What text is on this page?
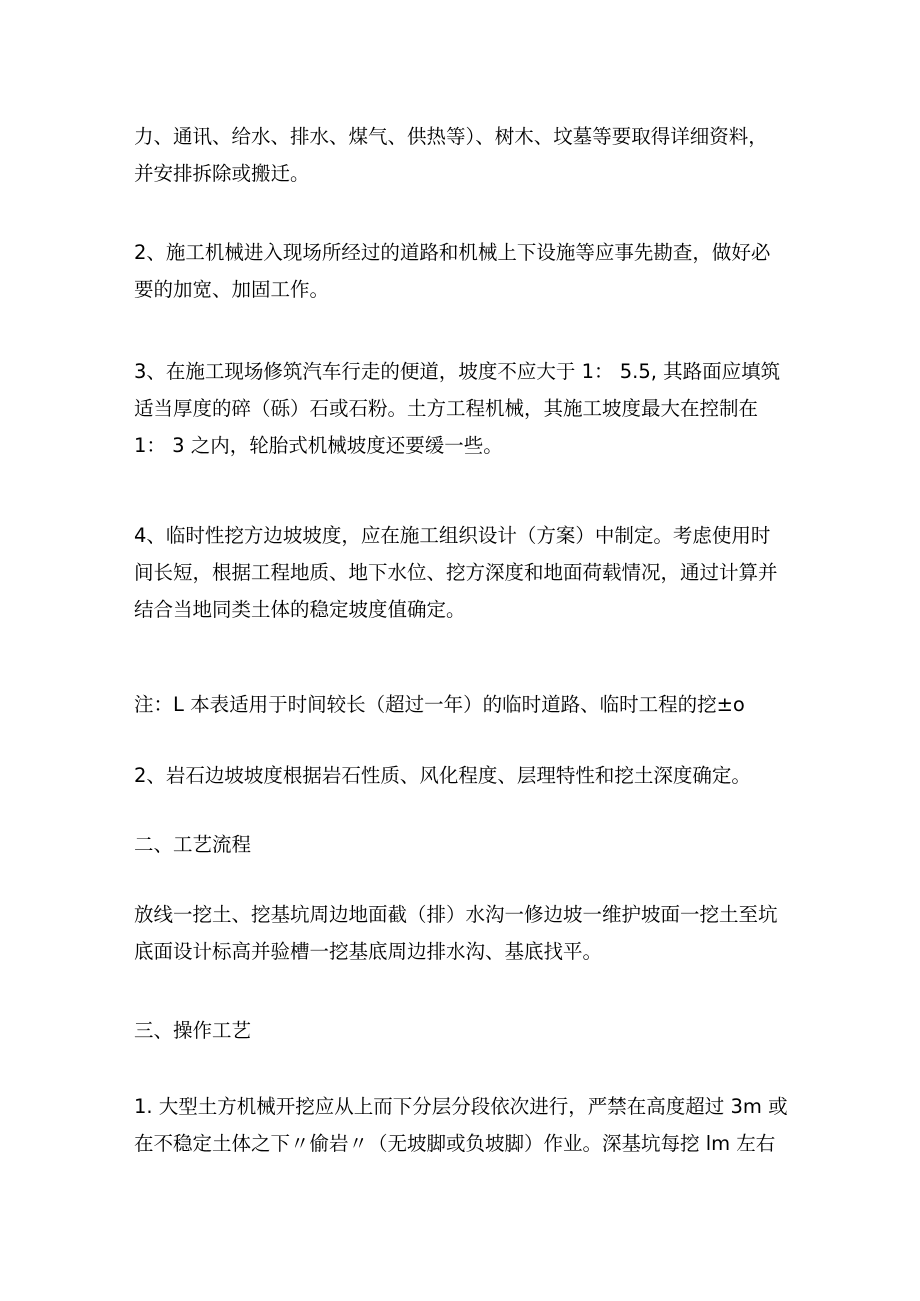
力、通讯、给水、排水、煤气、供热等）、树木、坟墓等要取得详细资料，
并安排拆除或搬迁。

2、施工机械进入现场所经过的道路和机械上下设施等应事先勘查，做好必
要的加宽、加固工作。

3、在施工现场修筑汽车行走的便道，坡度不应大于 1： 5.5, 其路面应填筑
适当厚度的碎（砾）石或石粉。土方工程机械，其施工坡度最大在控制在
1： 3 之内，轮胎式机械坡度还要缓一些。

4、临时性挖方边坡坡度，应在施工组织设计（方案）中制定。考虑使用时
间长短，根据工程地质、地下水位、挖方深度和地面荷载情况，通过计算并
结合当地同类土体的稳定坡度值确定。

注：L 本表适用于时间较长（超过一年）的临时道路、临时工程的挖±o

2、岩石边坡坡度根据岩石性质、风化程度、层理特性和挖土深度确定。

二、工艺流程

放线一挖土、挖基坑周边地面截（排）水沟一修边坡一维护坡面一挖土至坑
底面设计标高并验槽一挖基底周边排水沟、基底找平。

三、操作工艺

1. 大型土方机械开挖应从上而下分层分段依次进行，严禁在高度超过 3m 或
在不稳定土体之下〃偷岩〃（无坡脚或负坡脚）作业。深基坑每挖 lm 左右
